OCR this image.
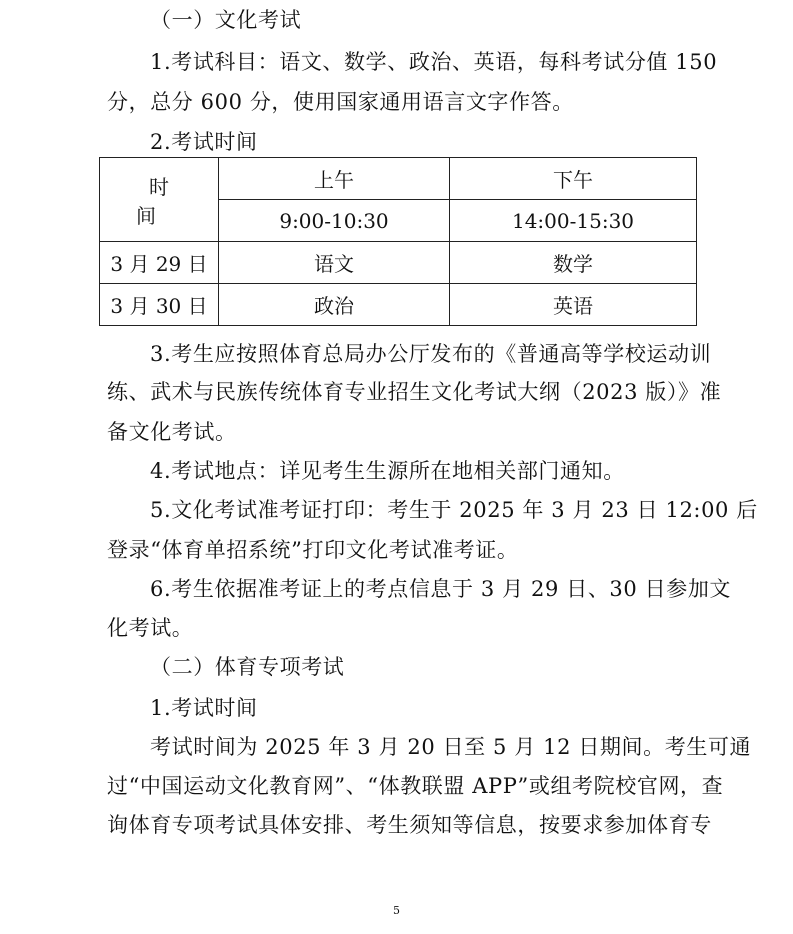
（一）文化考试
1.考试科目：语文、数学、政治、英语，每科考试分值 150
分，总分 600 分，使用国家通用语言文字作答。
2.考试时间
时　间	上午	下午
	9:00-10:30	14:00-15:30
3 月 29 日	语文	数学
3 月 30 日	政治	英语
3.考生应按照体育总局办公厅发布的《普通高等学校运动训
练、武术与民族传统体育专业招生文化考试大纲（2023 版）》准
备文化考试。
4.考试地点：详见考生生源所在地相关部门通知。
5.文化考试准考证打印：考生于 2025 年 3 月 23 日 12:00 后
登录“体育单招系统”打印文化考试准考证。
6.考生依据准考证上的考点信息于 3 月 29 日、30 日参加文
化考试。
（二）体育专项考试
1.考试时间
考试时间为 2025 年 3 月 20 日至 5 月 12 日期间。考生可通
过“中国运动文化教育网”、“体教联盟 APP”或组考院校官网，查
询体育专项考试具体安排、考生须知等信息，按要求参加体育专
5
